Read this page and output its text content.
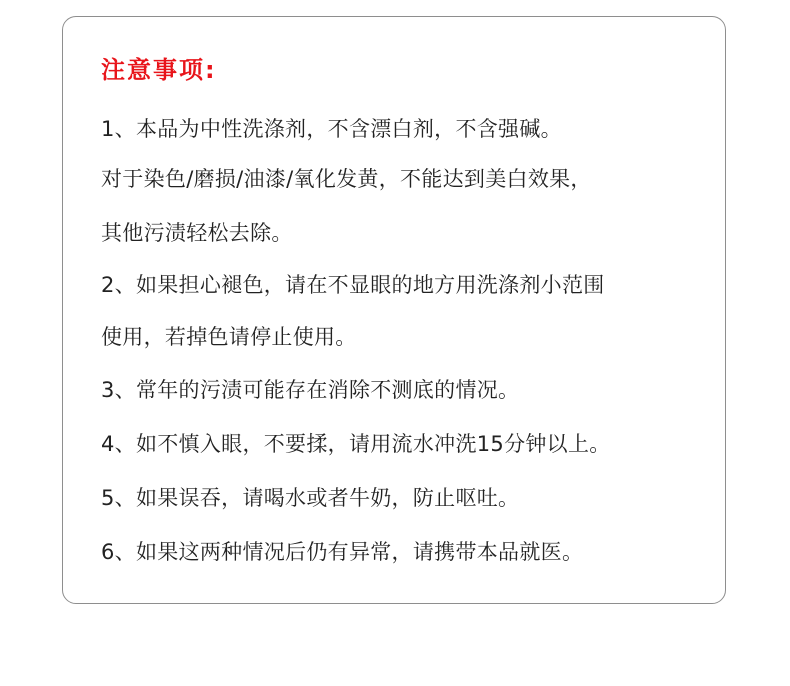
注意事项:

1、本品为中性洗涤剂，不含漂白剂，不含强碱。

对于染色/磨损/油漆/氧化发黄，不能达到美白效果，

其他污渍轻松去除。

2、如果担心褪色，请在不显眼的地方用洗涤剂小范围

使用，若掉色请停止使用。

3、常年的污渍可能存在消除不测底的情况。

4、如不慎入眼，不要揉，请用流水冲洗15分钟以上。

5、如果误吞，请喝水或者牛奶，防止呕吐。

6、如果这两种情况后仍有异常，请携带本品就医。
